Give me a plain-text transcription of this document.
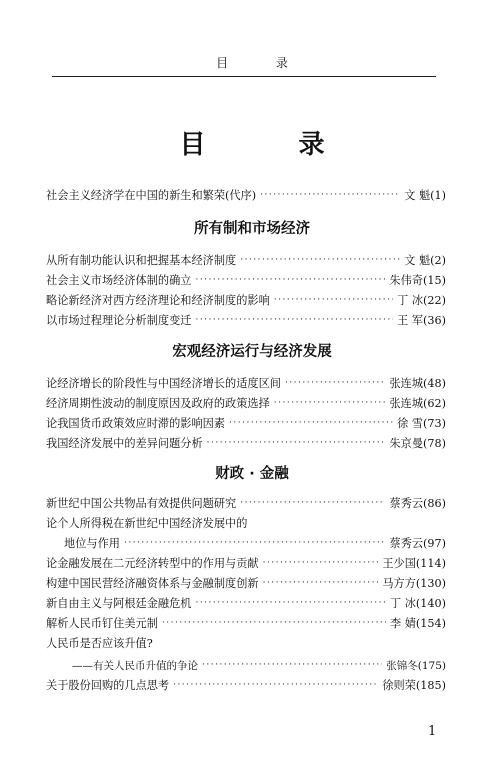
目 录
目 录
社会主义经济学在中国的新生和繁荣(代序) ·····	文 魁(1)
所有制和市场经济
从所有制功能认识和把握基本经济制度 ·····	文 魁(2)
社会主义市场经济体制的确立 ·····	朱伟奇(15)
略论新经济对西方经济理论和经济制度的影响 ·····	丁 冰(22)
以市场过程理论分析制度变迁 ·····	王 军(36)
宏观经济运行与经济发展
论经济增长的阶段性与中国经济增长的适度区间 ·····	张连城(48)
经济周期性波动的制度原因及政府的政策选择 ·····	张连城(62)
论我国货币政策效应时滞的影响因素 ·····	徐 雪(73)
我国经济发展中的差异问题分析 ·····	朱京曼(78)
财政 · 金融
新世纪中国公共物品有效提供问题研究 ·····	蔡秀云(86)
论个人所得税在新世纪中国经济发展中的
地位与作用 ·····	蔡秀云(97)
论金融发展在二元经济转型中的作用与贡献 ·····	王少国(114)
构建中国民营经济融资体系与金融制度创新 ·····	马方方(130)
新自由主义与阿根廷金融危机 ·····	丁 冰(140)
解析人民币钉住美元制 ·····	李 婧(154)
人民币是否应该升值?
——有关人民币升值的争论 ·····	张锦冬(175)
关于股份回购的几点思考 ·····	徐则荣(185)
1
